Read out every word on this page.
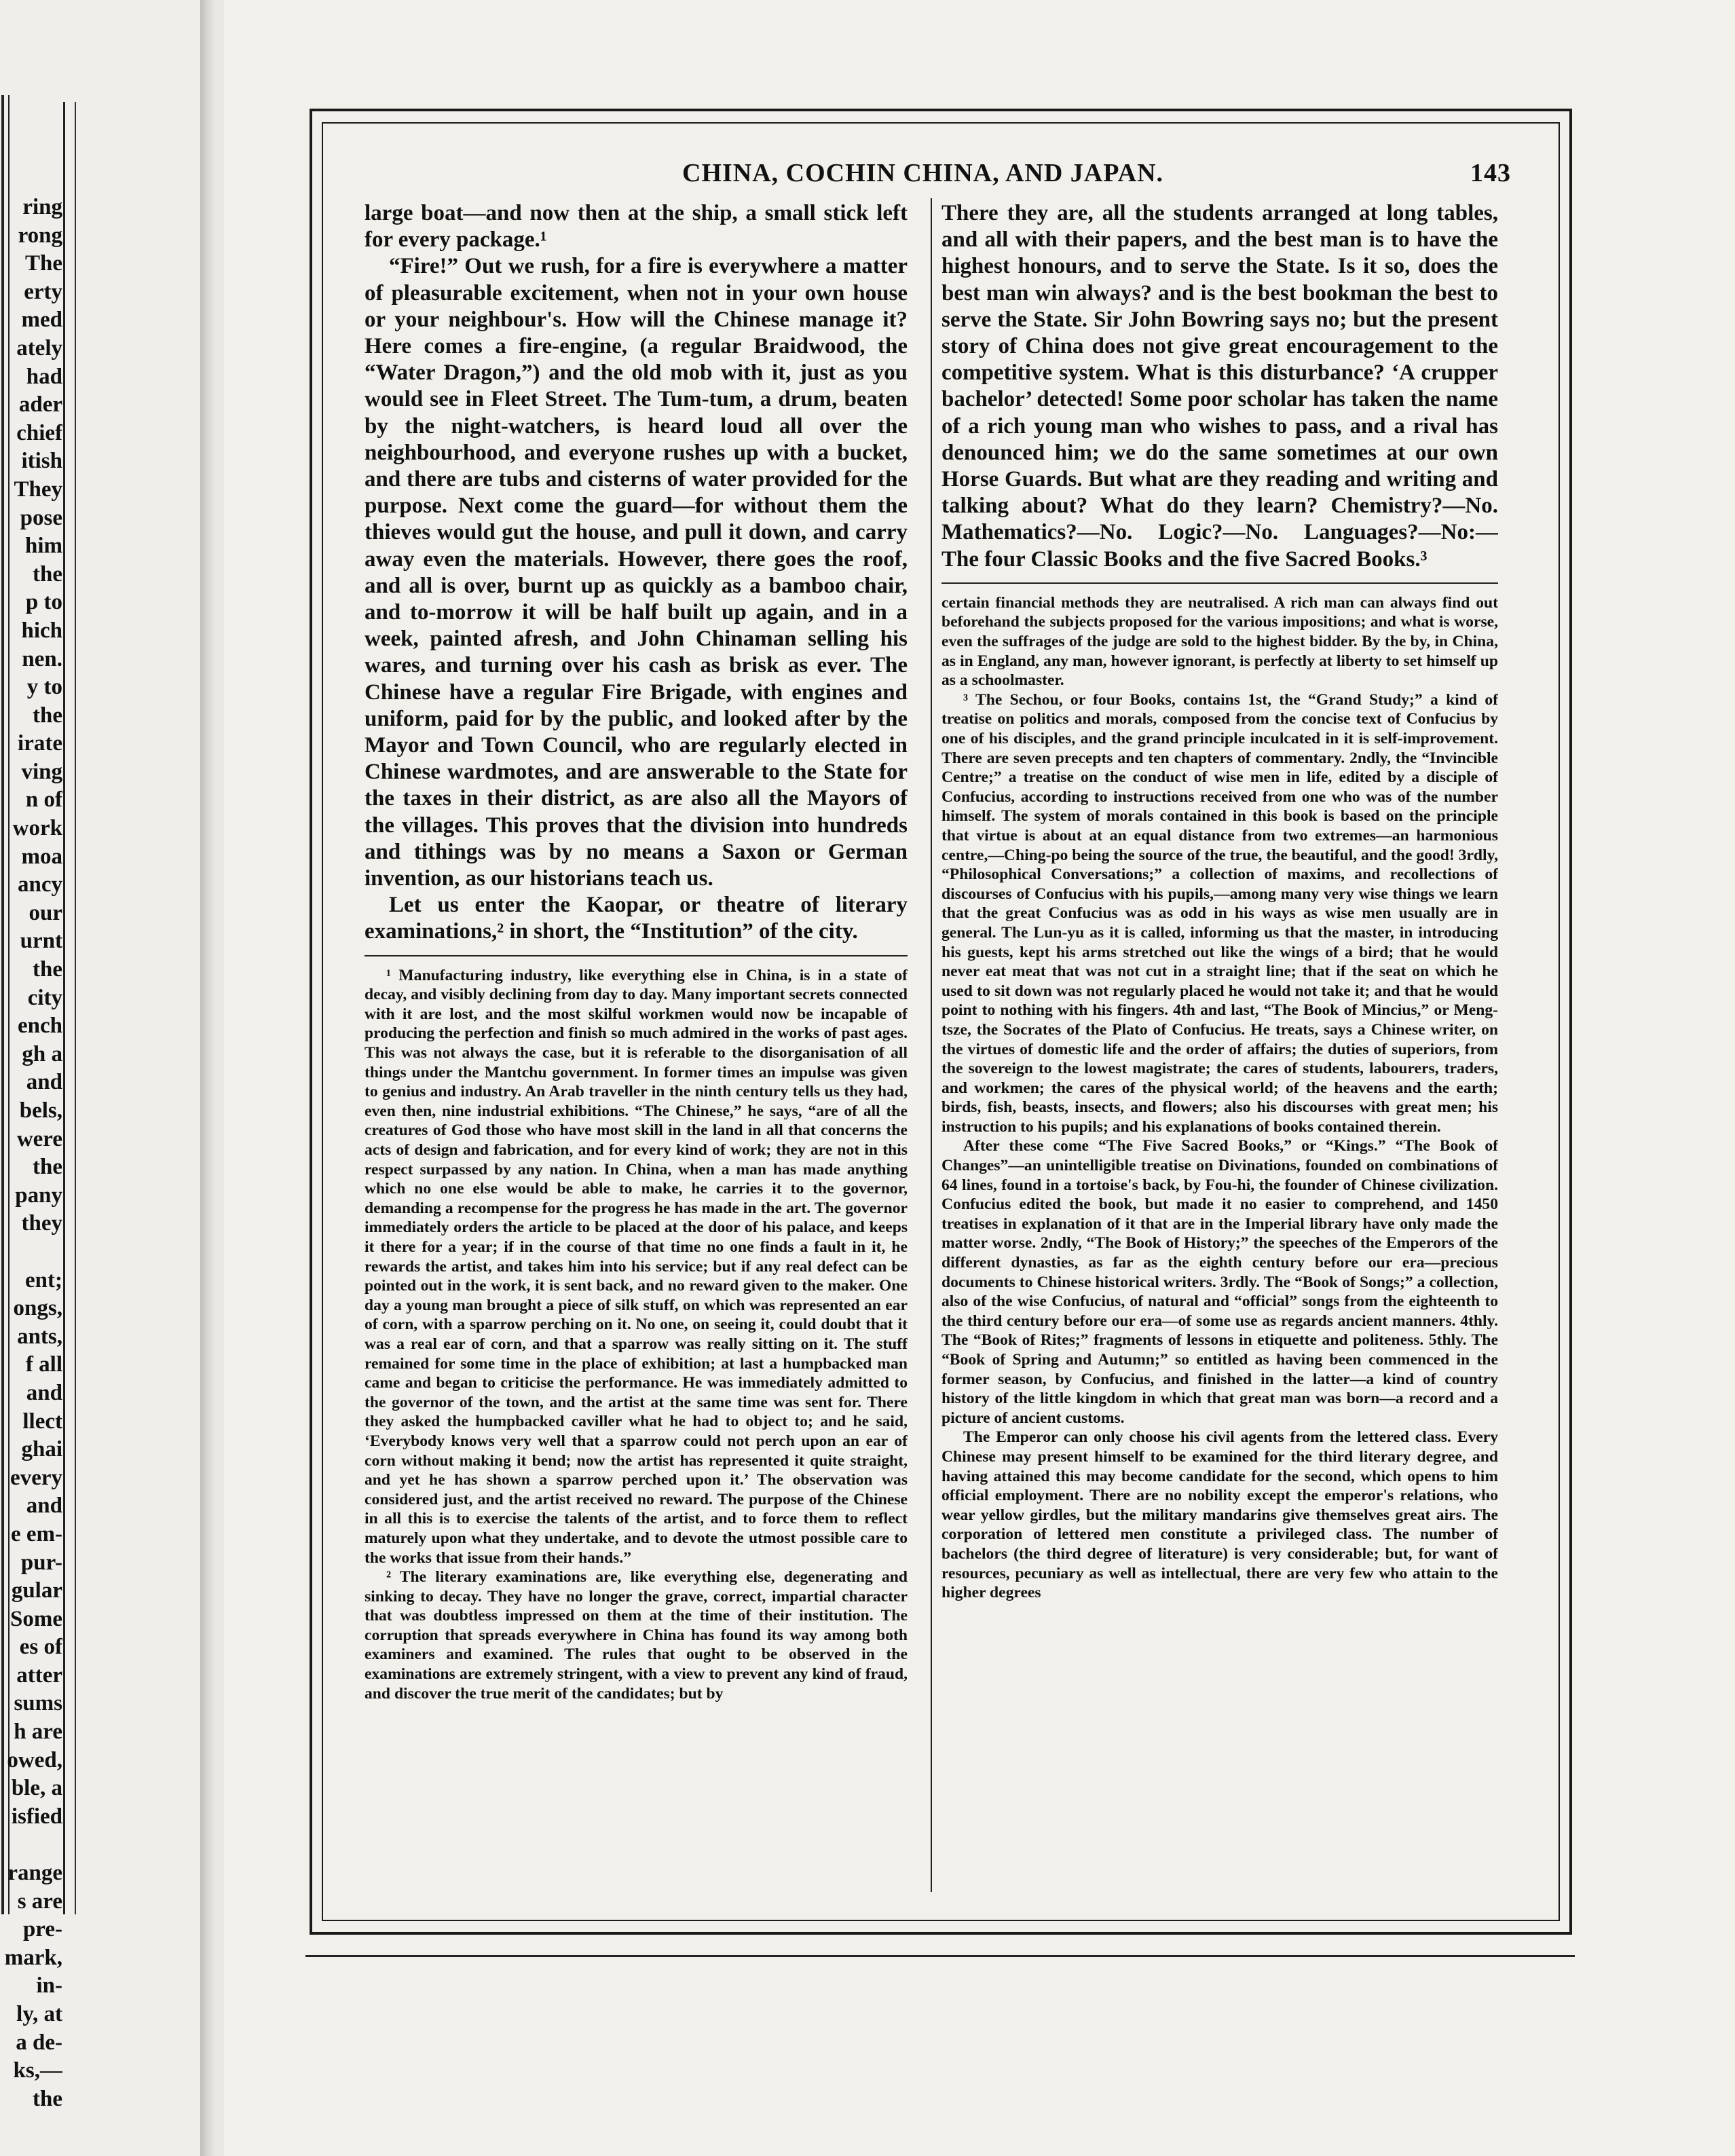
ring
rong
The
erty
med
ately
had
ader
chief
itish
They
pose
him
the
p to
hich
nen.
y to
the
irate
ving
n of
work
moa
ancy
our
urnt
the
city
ench
gh a
and
bels,
were
the
pany
they
ent;
ongs,
ants,
f all
and
llect
ghai
every
and
e em-
pur-
gular
Some
es of
atter
sums
h are
owed,
ble, a
isfied
range
s are
pre-
mark,
in-
ly, at
a de-
ks,—
the
CHINA, COCHIN CHINA, AND JAPAN.	143

large boat—and now then at the ship, a small stick left for every package.¹

“Fire!” Out we rush, for a fire is everywhere a matter of pleasurable excitement, when not in your own house or your neighbour's. How will the Chinese manage it? Here comes a fire-engine, (a regular Braidwood, the “Water Dragon,”) and the old mob with it, just as you would see in Fleet Street. The Tum-tum, a drum, beaten by the night-watchers, is heard loud all over the neighbourhood, and everyone rushes up with a bucket, and there are tubs and cisterns of water provided for the purpose. Next come the guard—for without them the thieves would gut the house, and pull it down, and carry away even the materials. However, there goes the roof, and all is over, burnt up as quickly as a bamboo chair, and to-morrow it will be half built up again, and in a week, painted afresh, and John Chinaman selling his wares, and turning over his cash as brisk as ever. The Chinese have a regular Fire Brigade, with engines and uniform, paid for by the public, and looked after by the Mayor and Town Council, who are regularly elected in Chinese wardmotes, and are answerable to the State for the taxes in their district, as are also all the Mayors of the villages. This proves that the division into hundreds and tithings was by no means a Saxon or German invention, as our historians teach us.

Let us enter the Kaopar, or theatre of literary examinations,² in short, the “Institution” of the city.

¹ Manufacturing industry, like everything else in China, is in a state of decay, and visibly declining from day to day. Many important secrets connected with it are lost, and the most skilful workmen would now be incapable of producing the perfection and finish so much admired in the works of past ages. This was not always the case, but it is referable to the disorganisation of all things under the Mantchu government. In former times an impulse was given to genius and industry. An Arab traveller in the ninth century tells us they had, even then, nine industrial exhibitions. “The Chinese,” he says, “are of all the creatures of God those who have most skill in the land in all that concerns the acts of design and fabrication, and for every kind of work; they are not in this respect surpassed by any nation. In China, when a man has made anything which no one else would be able to make, he carries it to the governor, demanding a recompense for the progress he has made in the art. The governor immediately orders the article to be placed at the door of his palace, and keeps it there for a year; if in the course of that time no one finds a fault in it, he rewards the artist, and takes him into his service; but if any real defect can be pointed out in the work, it is sent back, and no reward given to the maker. One day a young man brought a piece of silk stuff, on which was represented an ear of corn, with a sparrow perching on it. No one, on seeing it, could doubt that it was a real ear of corn, and that a sparrow was really sitting on it. The stuff remained for some time in the place of exhibition; at last a humpbacked man came and began to criticise the performance. He was immediately admitted to the governor of the town, and the artist at the same time was sent for. There they asked the humpbacked caviller what he had to object to; and he said, ‘Everybody knows very well that a sparrow could not perch upon an ear of corn without making it bend; now the artist has represented it quite straight, and yet he has shown a sparrow perched upon it.’ The observation was considered just, and the artist received no reward. The purpose of the Chinese in all this is to exercise the talents of the artist, and to force them to reflect maturely upon what they undertake, and to devote the utmost possible care to the works that issue from their hands.”

² The literary examinations are, like everything else, degenerating and sinking to decay. They have no longer the grave, correct, impartial character that was doubtless impressed on them at the time of their institution. The corruption that spreads everywhere in China has found its way among both examiners and examined. The rules that ought to be observed in the examinations are extremely stringent, with a view to prevent any kind of fraud, and discover the true merit of the candidates; but by

There they are, all the students arranged at long tables, and all with their papers, and the best man is to have the highest honours, and to serve the State. Is it so, does the best man win always? and is the best bookman the best to serve the State. Sir John Bowring says no; but the present story of China does not give great encouragement to the competitive system. What is this disturbance? ‘A crupper bachelor’ detected! Some poor scholar has taken the name of a rich young man who wishes to pass, and a rival has denounced him; we do the same sometimes at our own Horse Guards. But what are they reading and writing and talking about? What do they learn? Chemistry?—No. Mathematics?—No. Logic?—No. Languages?—No:— The four Classic Books and the five Sacred Books.³

certain financial methods they are neutralised. A rich man can always find out beforehand the subjects proposed for the various impositions; and what is worse, even the suffrages of the judge are sold to the highest bidder. By the by, in China, as in England, any man, however ignorant, is perfectly at liberty to set himself up as a schoolmaster.

³ The Sechou, or four Books, contains 1st, the “Grand Study;” a kind of treatise on politics and morals, composed from the concise text of Confucius by one of his disciples, and the grand principle inculcated in it is self-improvement. There are seven precepts and ten chapters of commentary. 2ndly, the “Invincible Centre;” a treatise on the conduct of wise men in life, edited by a disciple of Confucius, according to instructions received from one who was of the number himself. The system of morals contained in this book is based on the principle that virtue is about at an equal distance from two extremes—an harmonious centre,—Ching-po being the source of the true, the beautiful, and the good! 3rdly, “Philosophical Conversations;” a collection of maxims, and recollections of discourses of Confucius with his pupils,—among many very wise things we learn that the great Confucius was as odd in his ways as wise men usually are in general. The Lun-yu as it is called, informing us that the master, in introducing his guests, kept his arms stretched out like the wings of a bird; that he would never eat meat that was not cut in a straight line; that if the seat on which he used to sit down was not regularly placed he would not take it; and that he would point to nothing with his fingers. 4th and last, “The Book of Mincius,” or Meng-tsze, the Socrates of the Plato of Confucius. He treats, says a Chinese writer, on the virtues of domestic life and the order of affairs; the duties of superiors, from the sovereign to the lowest magistrate; the cares of students, labourers, traders, and workmen; the cares of the physical world; of the heavens and the earth; birds, fish, beasts, insects, and flowers; also his discourses with great men; his instruction to his pupils; and his explanations of books contained therein.

After these come “The Five Sacred Books,” or “Kings.” “The Book of Changes”—an unintelligible treatise on Divinations, founded on combinations of 64 lines, found in a tortoise's back, by Fou-hi, the founder of Chinese civilization. Confucius edited the book, but made it no easier to comprehend, and 1450 treatises in explanation of it that are in the Imperial library have only made the matter worse. 2ndly, “The Book of History;” the speeches of the Emperors of the different dynasties, as far as the eighth century before our era—precious documents to Chinese historical writers. 3rdly. The “Book of Songs;” a collection, also of the wise Confucius, of natural and “official” songs from the eighteenth to the third century before our era—of some use as regards ancient manners. 4thly. The “Book of Rites;” fragments of lessons in etiquette and politeness. 5thly. The “Book of Spring and Autumn;” so entitled as having been commenced in the former season, by Confucius, and finished in the latter—a kind of country history of the little kingdom in which that great man was born—a record and a picture of ancient customs.

The Emperor can only choose his civil agents from the lettered class. Every Chinese may present himself to be examined for the third literary degree, and having attained this may become candidate for the second, which opens to him official employment. There are no nobility except the emperor's relations, who wear yellow girdles, but the military mandarins give themselves great airs. The corporation of lettered men constitute a privileged class. The number of bachelors (the third degree of literature) is very considerable; but, for want of resources, pecuniary as well as intellectual, there are very few who attain to the higher degrees
